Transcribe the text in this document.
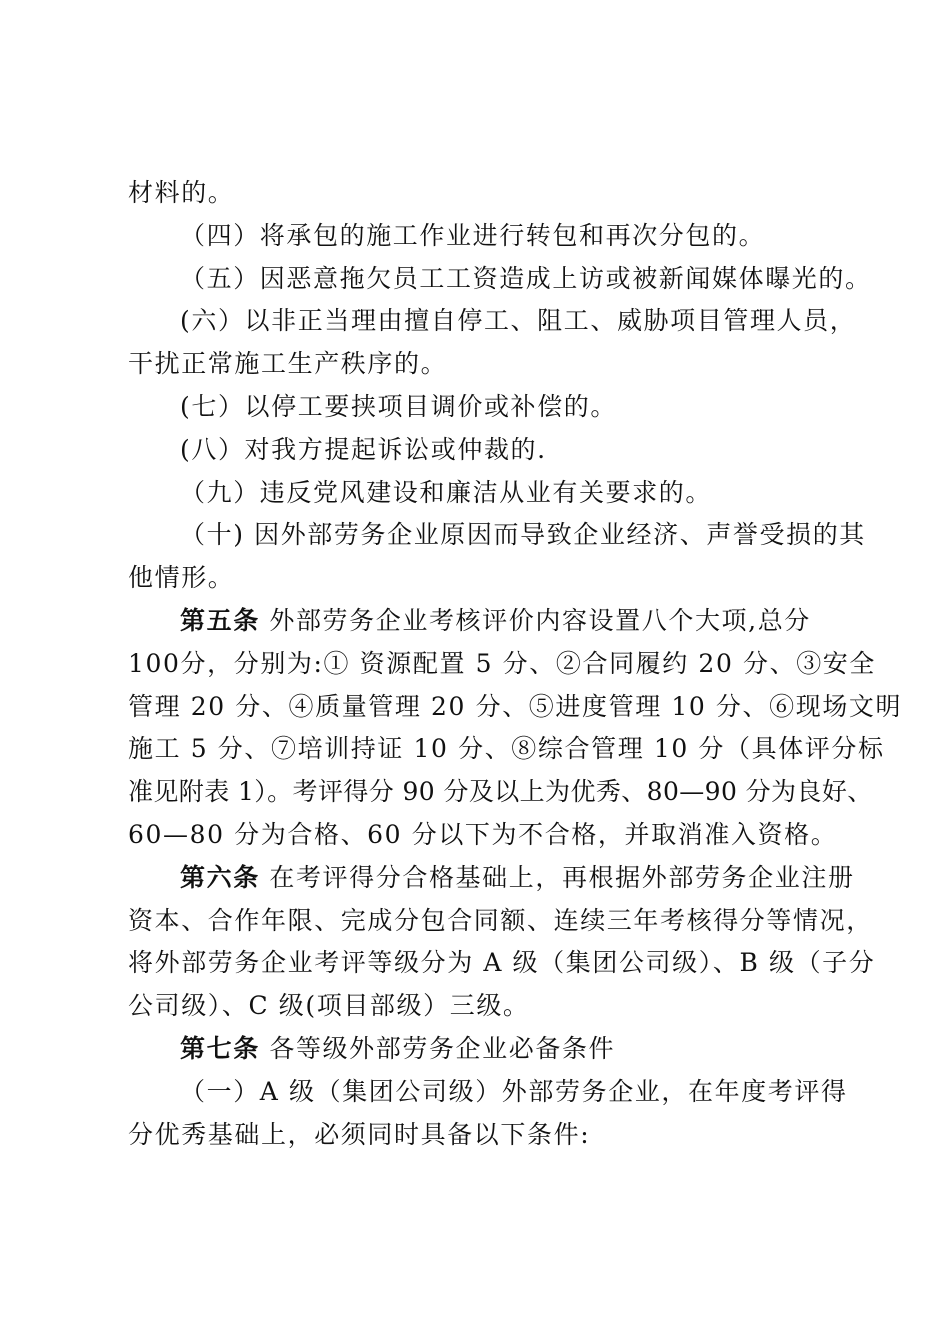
材料的。
（四）将承包的施工作业进行转包和再次分包的。
（五）因恶意拖欠员工工资造成上访或被新闻媒体曝光的。
(六）以非正当理由擅自停工、阻工、威胁项目管理人员，
干扰正常施工生产秩序的。
(七）以停工要挟项目调价或补偿的。
(八）对我方提起诉讼或仲裁的.
（九）违反党风建设和廉洁从业有关要求的。
（十) 因外部劳务企业原因而导致企业经济、声誉受损的其
他情形。
第五条 外部劳务企业考核评价内容设置八个大项,总分
100分，分别为:① 资源配置 5 分、②合同履约 20 分、③安全
管理 20 分、④质量管理 20 分、⑤进度管理 10 分、⑥现场文明
施工 5 分、⑦培训持证 10 分、⑧综合管理 10 分（具体评分标
准见附表 1）。考评得分 90 分及以上为优秀、80—90 分为良好、
60—80 分为合格、60 分以下为不合格，并取消准入资格。
第六条 在考评得分合格基础上，再根据外部劳务企业注册
资本、合作年限、完成分包合同额、连续三年考核得分等情况，
将外部劳务企业考评等级分为 A 级（集团公司级）、B 级（子分
公司级）、C 级(项目部级）三级。
第七条 各等级外部劳务企业必备条件
（一）A 级（集团公司级）外部劳务企业，在年度考评得
分优秀基础上，必须同时具备以下条件:
